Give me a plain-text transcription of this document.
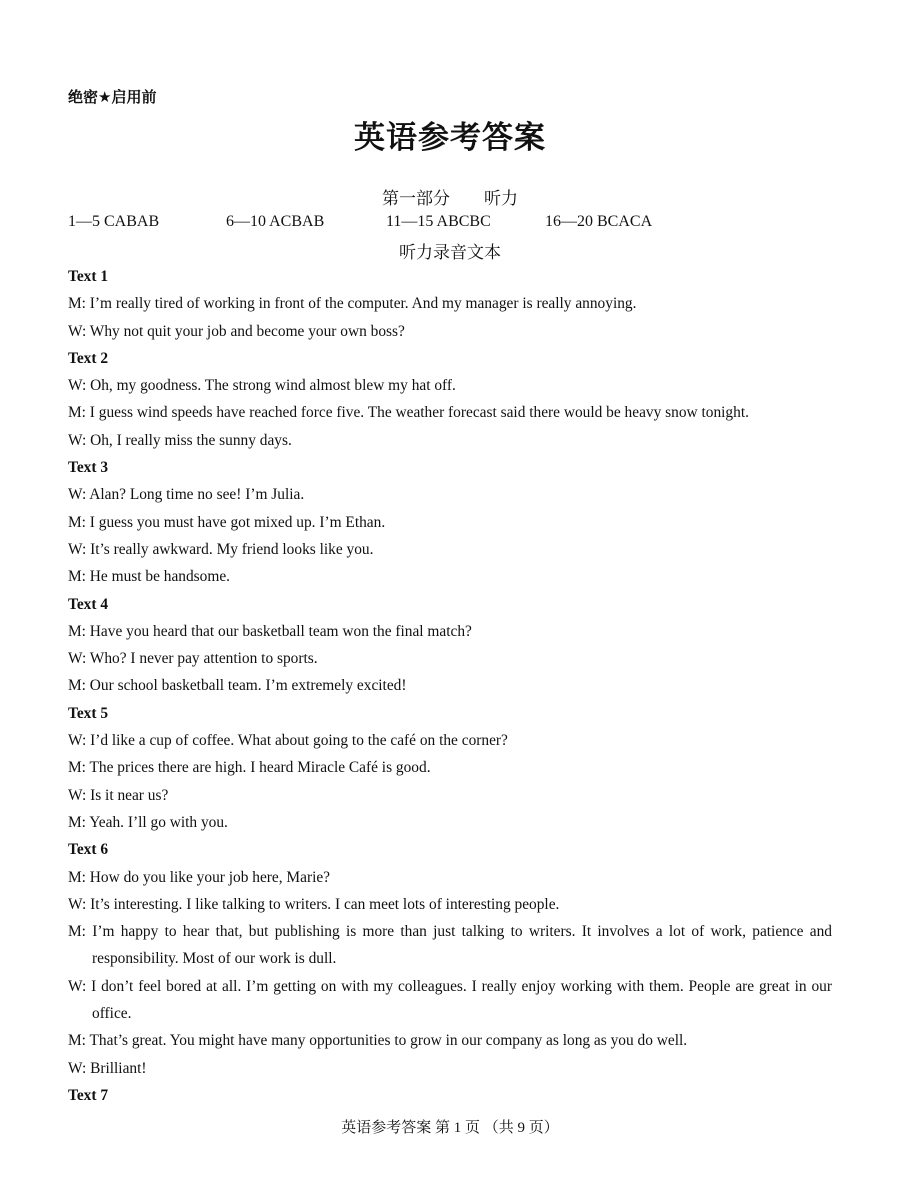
绝密★启用前
英语参考答案
第一部分 听力
1—5 CABAB	6—10 ACBAB	11—15 ABCBC	16—20 BCACA
听力录音文本
Text 1
M: I’m really tired of working in front of the computer. And my manager is really annoying.
W: Why not quit your job and become your own boss?
Text 2
W: Oh, my goodness. The strong wind almost blew my hat off.
M: I guess wind speeds have reached force five. The weather forecast said there would be heavy snow tonight.
W: Oh, I really miss the sunny days.
Text 3
W: Alan? Long time no see! I’m Julia.
M: I guess you must have got mixed up. I’m Ethan.
W: It’s really awkward. My friend looks like you.
M: He must be handsome.
Text 4
M: Have you heard that our basketball team won the final match?
W: Who? I never pay attention to sports.
M: Our school basketball team. I’m extremely excited!
Text 5
W: I’d like a cup of coffee. What about going to the café on the corner?
M: The prices there are high. I heard Miracle Café is good.
W: Is it near us?
M: Yeah. I’ll go with you.
Text 6
M: How do you like your job here, Marie?
W: It’s interesting. I like talking to writers. I can meet lots of interesting people.
M: I’m happy to hear that, but publishing is more than just talking to writers. It involves a lot of work, patience and responsibility. Most of our work is dull.
W: I don’t feel bored at all. I’m getting on with my colleagues. I really enjoy working with them. People are great in our office.
M: That’s great. You might have many opportunities to grow in our company as long as you do well.
W: Brilliant!
Text 7
英语参考答案 第 1 页 （共 9 页）
